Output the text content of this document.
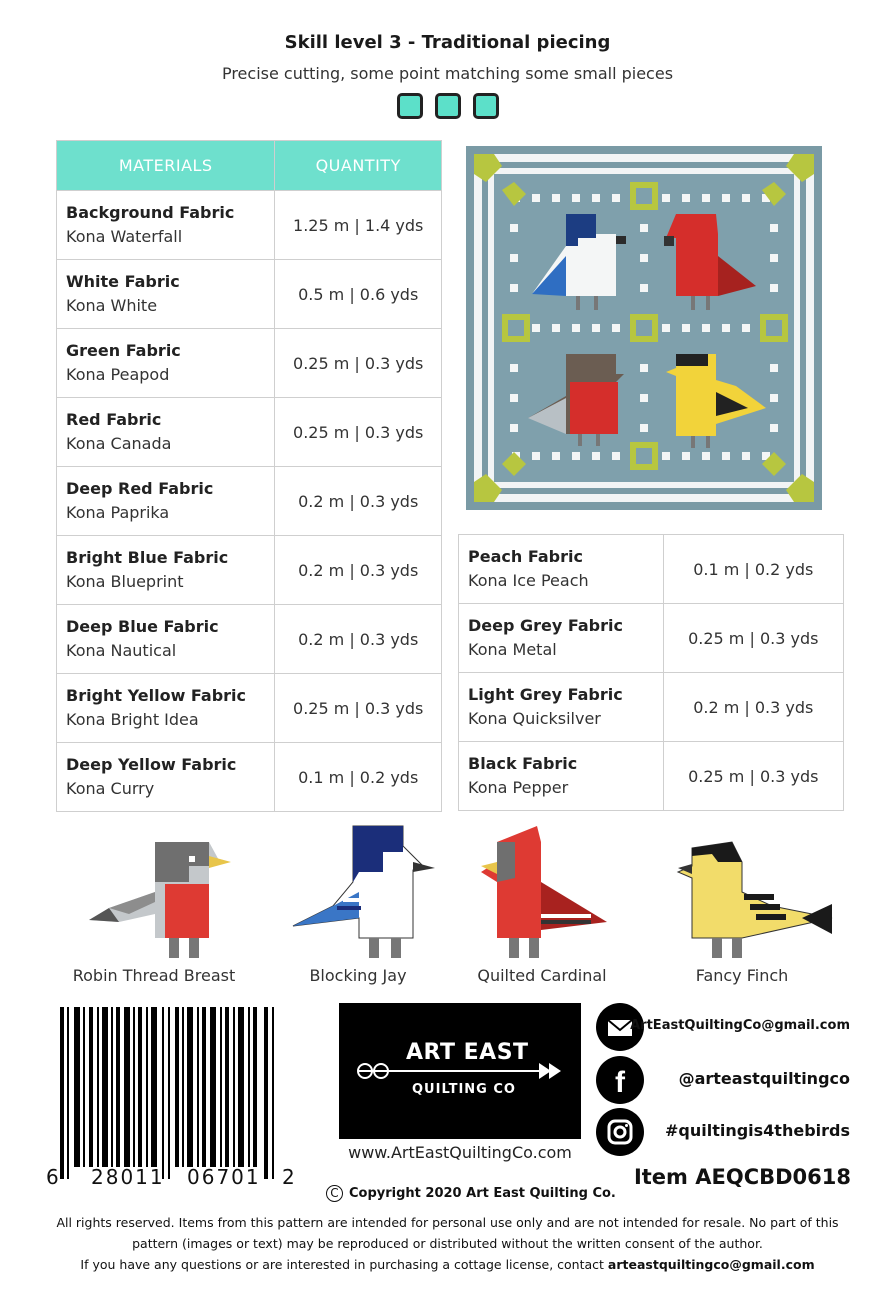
Skill level 3 - Traditional piecing
Precise cutting, some point matching some small pieces
MATERIALS	QUANTITY

Background Fabric
Kona Waterfall	1.25 m | 1.4 yds

White Fabric
Kona White	0.5 m | 0.6 yds

Green Fabric
Kona Peapod	0.25 m | 0.3 yds

Red Fabric
Kona Canada	0.25 m | 0.3 yds

Deep Red Fabric
Kona Paprika	0.2 m | 0.3 yds

Bright Blue Fabric
Kona Blueprint	0.2 m | 0.3 yds

Deep Blue Fabric
Kona Nautical	0.2 m | 0.3 yds

Bright Yellow Fabric
Kona Bright Idea	0.25 m | 0.3 yds

Deep Yellow Fabric
Kona Curry	0.1 m | 0.2 yds
Peach Fabric
Kona Ice Peach	0.1 m | 0.2 yds

Deep Grey Fabric
Kona Metal	0.25 m | 0.3 yds

Light Grey Fabric
Kona Quicksilver	0.2 m | 0.3 yds

Black Fabric
Kona Pepper	0.25 m | 0.3 yds
Robin Thread Breast	Blocking Jay	Quilted Cardinal	Fancy Finch
6 28011 06701 2
ART EAST
QUILTING CO
www.ArtEastQuiltingCo.com
ArtEastQuiltingCo@gmail.com
f	@arteastquiltingco
#quiltingis4thebirds
Item AEQCBD0618
C Copyright 2020 Art East Quilting Co.
All rights reserved. Items from this pattern are intended for personal use only and are not intended for resale. No part of this
pattern (images or text) may be reproduced or distributed without the written consent of the author.
If you have any questions or are interested in purchasing a cottage license, contact arteastquiltingco@gmail.com
